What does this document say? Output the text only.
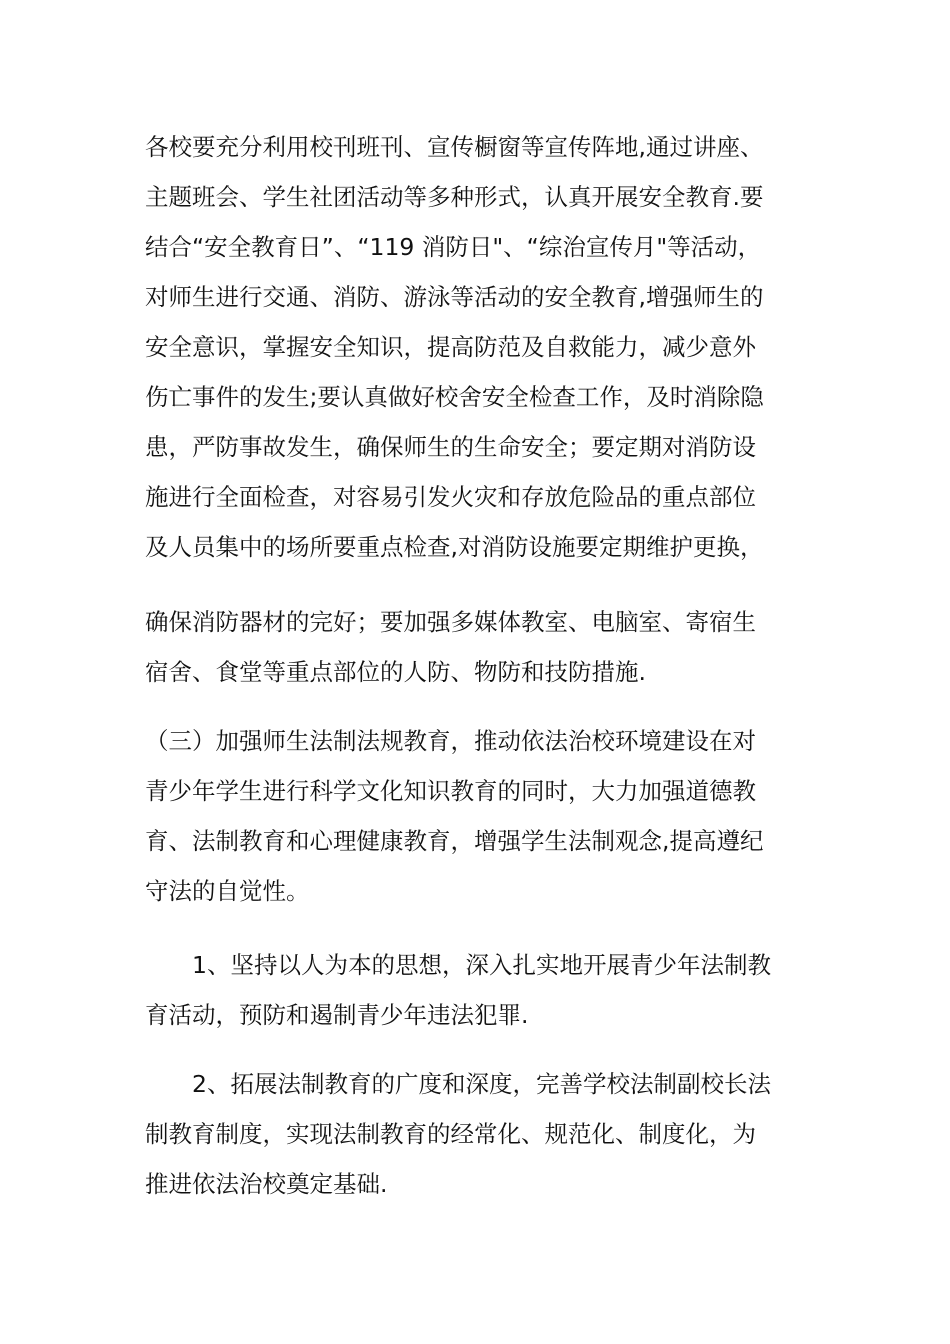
各校要充分利用校刊班刊、宣传橱窗等宣传阵地,通过讲座、
主题班会、学生社团活动等多种形式，认真开展安全教育.要
结合“安全教育日”、“119 消防日"、“综治宣传月"等活动，
对师生进行交通、消防、游泳等活动的安全教育,增强师生的
安全意识，掌握安全知识，提高防范及自救能力，减少意外
伤亡事件的发生;要认真做好校舍安全检查工作，及时消除隐
患，严防事故发生，确保师生的生命安全；要定期对消防设
施进行全面检查，对容易引发火灾和存放危险品的重点部位
及人员集中的场所要重点检查,对消防设施要定期维护更换，
确保消防器材的完好；要加强多媒体教室、电脑室、寄宿生
宿舍、食堂等重点部位的人防、物防和技防措施.
（三）加强师生法制法规教育，推动依法治校环境建设在对
青少年学生进行科学文化知识教育的同时，大力加强道德教
育、法制教育和心理健康教育，增强学生法制观念,提高遵纪
守法的自觉性。
1、坚持以人为本的思想，深入扎实地开展青少年法制教
育活动，预防和遏制青少年违法犯罪.
2、拓展法制教育的广度和深度，完善学校法制副校长法
制教育制度，实现法制教育的经常化、规范化、制度化，为
推进依法治校奠定基础.
